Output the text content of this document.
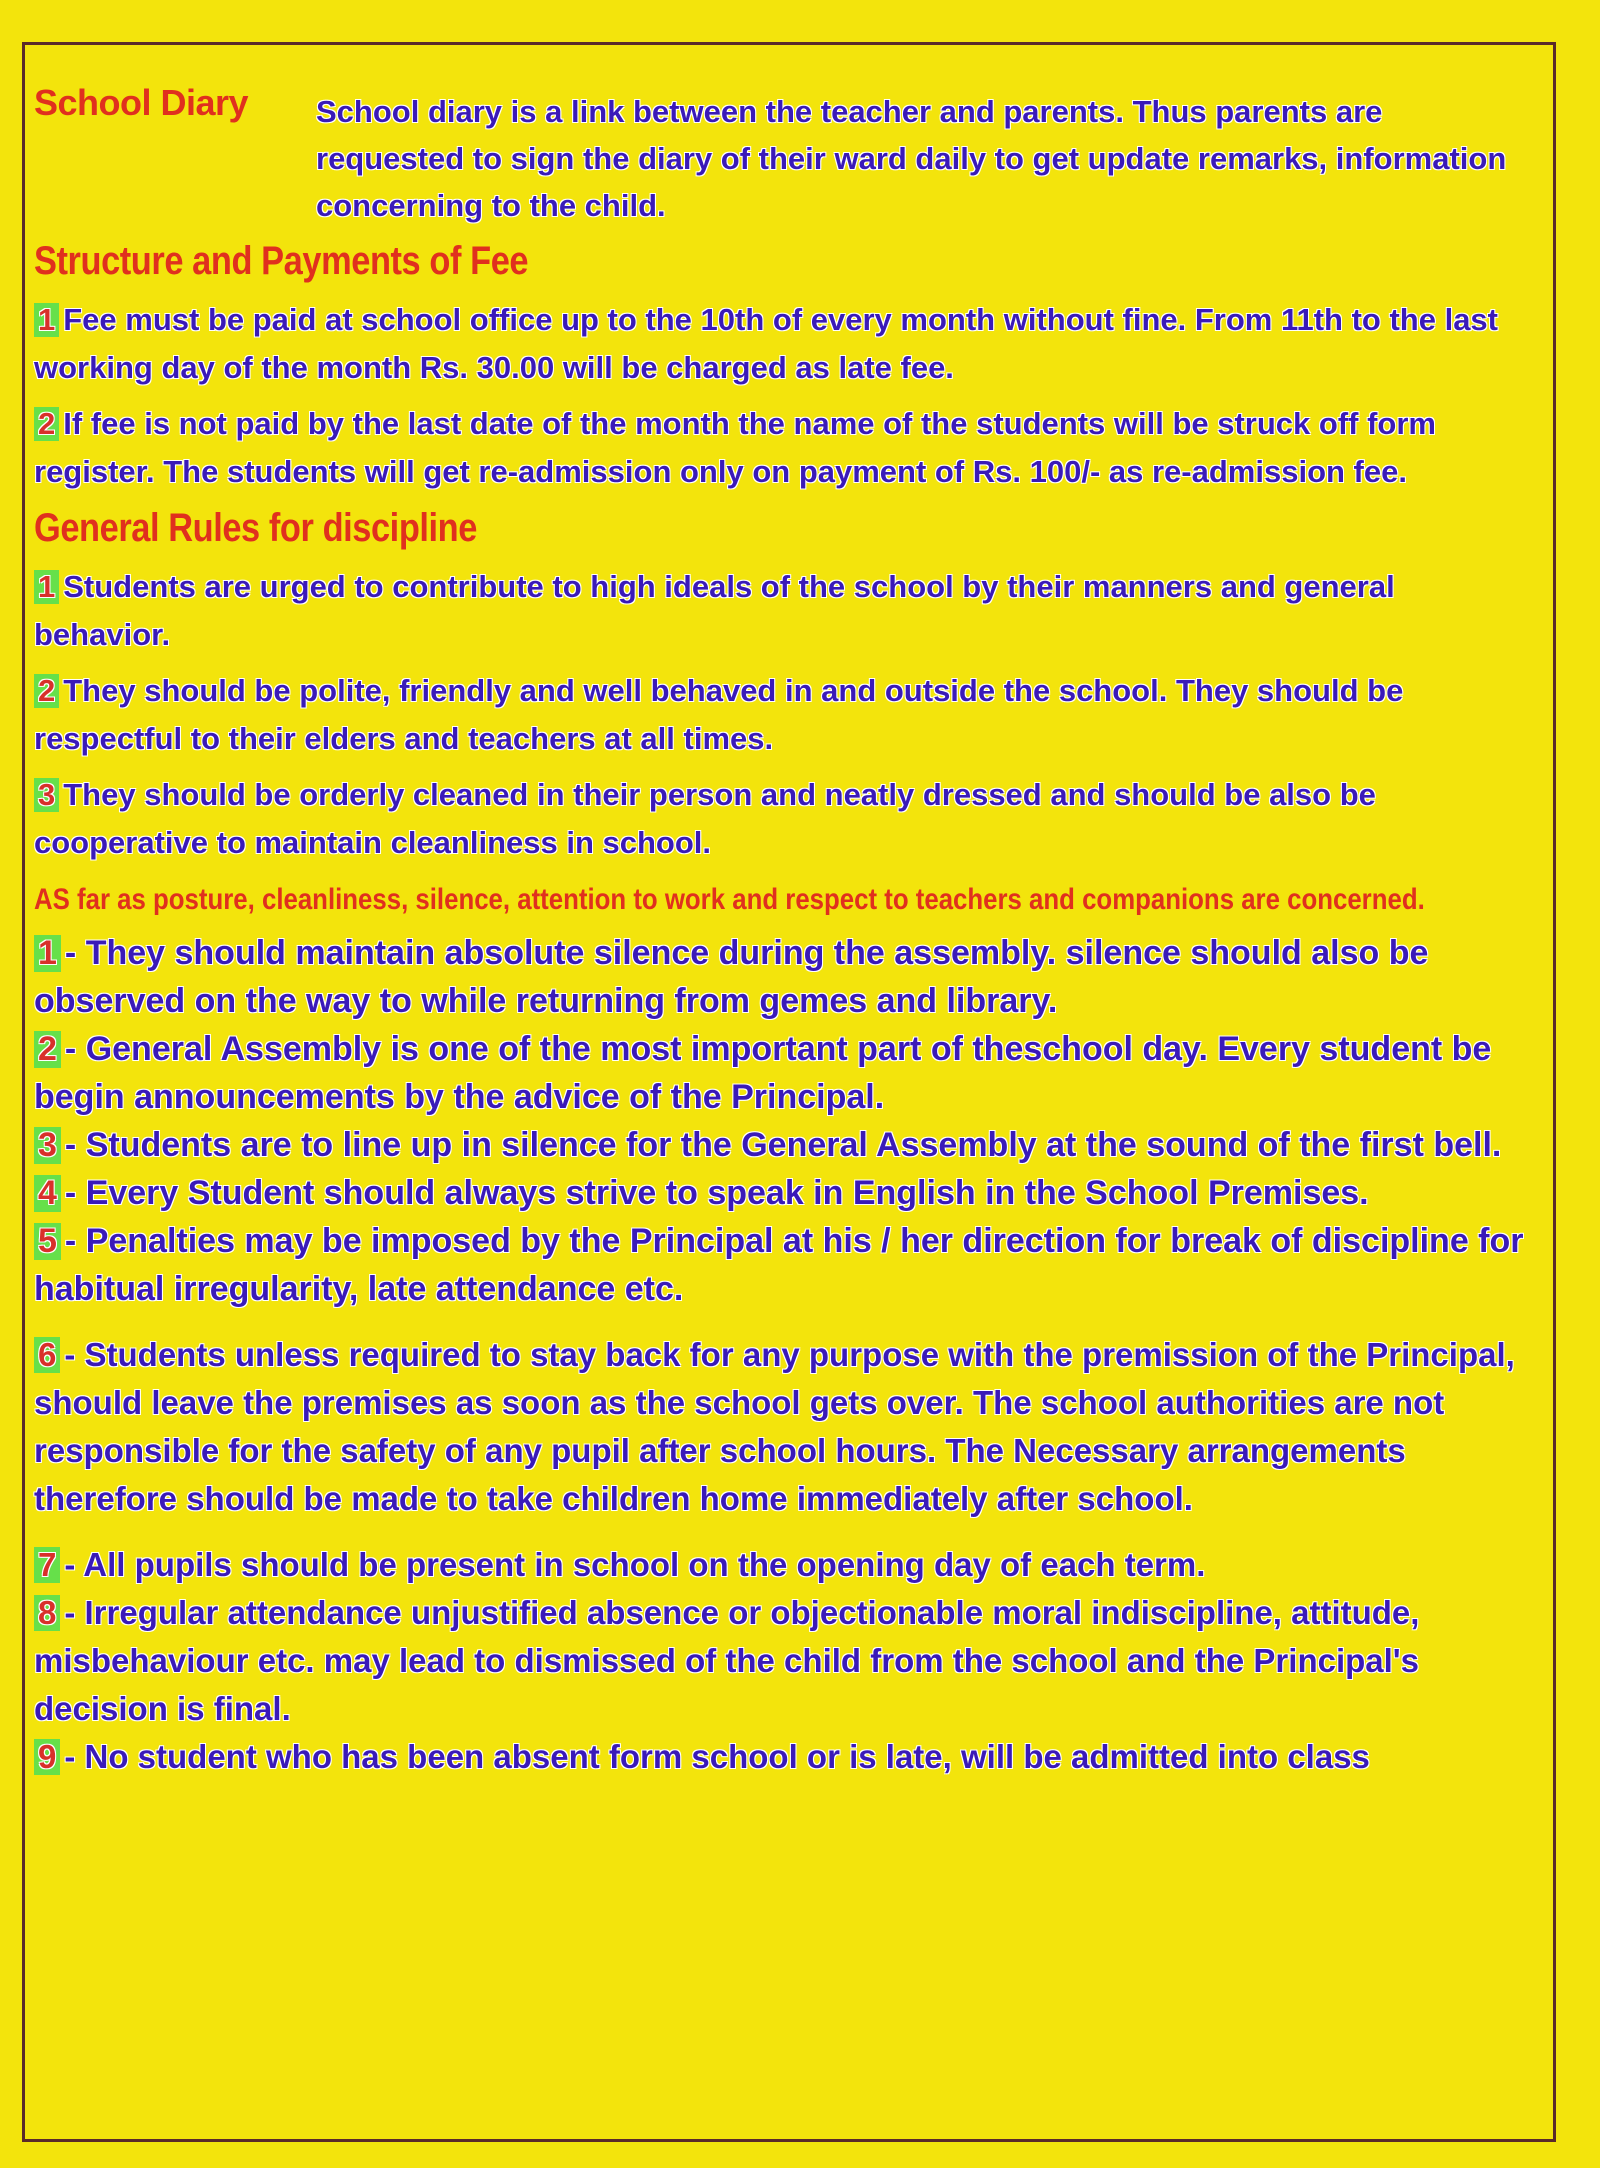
School Diary	School diary is a link between the teacher and parents. Thus parents are requested to sign the diary of their ward daily to get update remarks, information concerning to the child.
Structure and Payments of Fee
1 Fee must be paid at school office up to the 10th of every month without fine. From 11th to the last working day of the month Rs. 30.00 will be charged as late fee.
2 If fee is not paid by the last date of the month the name of the students will be struck off form register. The students will get re-admission only on payment of Rs. 100/- as re-admission fee.
General Rules for discipline
1 Students are urged to contribute to high ideals of the school by their manners and general behavior.
2 They should be polite, friendly and well behaved in and outside the school. They should be respectful to their elders and teachers at all times.
3 They should be orderly cleaned in their person and neatly dressed and should be also be cooperative to maintain cleanliness in school.
AS far as posture, cleanliness, silence, attention to work and respect to teachers and companions are concerned.
1 - They should maintain absolute silence during the assembly. silence should also be observed on the way to while returning from gemes and library.
2 - General Assembly is one of the most important part of theschool day. Every student be begin announcements by the advice of the Principal.
3 - Students are to line up in silence for the General Assembly at the sound of the first bell.
4 - Every Student should always strive to speak in English in the School Premises.
5 - Penalties may be imposed by the Principal at his / her direction for break of discipline for habitual irregularity, late attendance etc.
6 - Students unless required to stay back for any purpose with the premission of the Principal, should leave the premises as soon as the school gets over. The school authorities are not responsible for the safety of any pupil after school hours. The Necessary arrangements therefore should be made to take children home immediately after school.
7 - All pupils should be present in school on the opening day of each term.
8 - Irregular attendance unjustified absence or objectionable moral indiscipline, attitude, misbehaviour etc. may lead to dismissed of the child from the school and the Principal's decision is final.
9 - No student who has been absent form school or is late, will be admitted into class
